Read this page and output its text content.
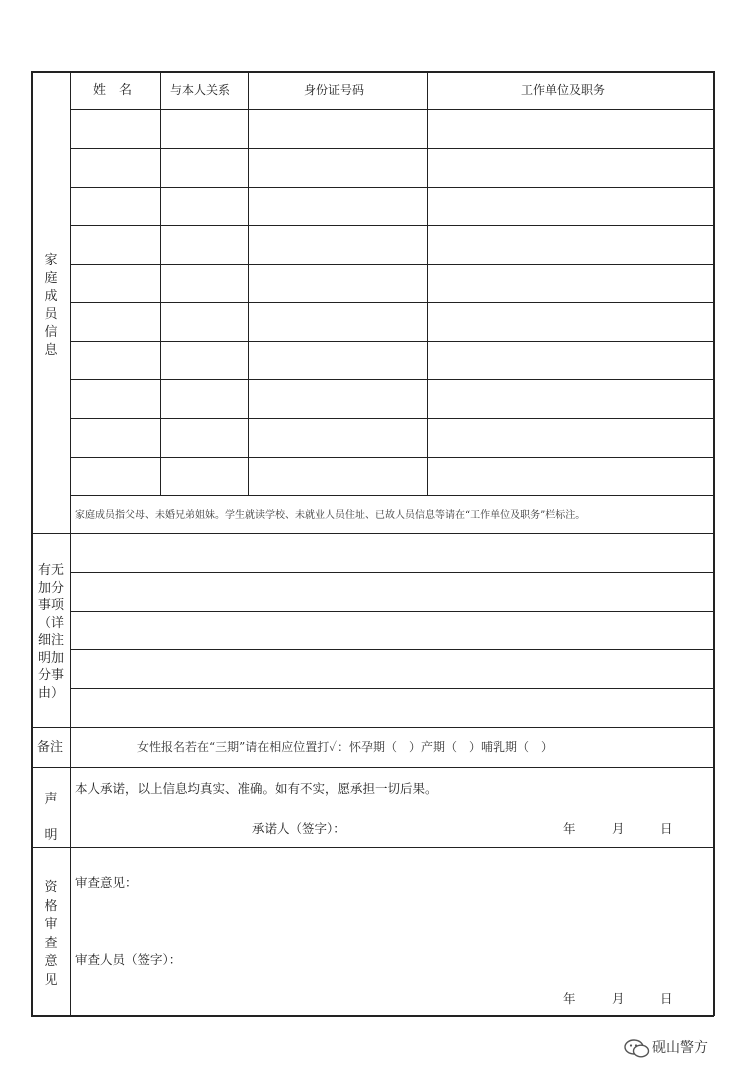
姓　名	与本人关系	身份证号码	工作单位及职务
家庭成员信息
家庭成员指父母、未婚兄弟姐妹。学生就读学校、未就业人员住址、已故人员信息等请在“工作单位及职务”栏标注。
有无加分事项（详细注明加分事由）
备注	女性报名若在“三期”请在相应位置打✓：怀孕期（　）产期（　）哺乳期（　）
声明
本人承诺，以上信息均真实、准确。如有不实，愿承担一切后果。
承诺人（签字）：	年	月	日
资格审查意见
审查意见：
审查人员（签字）：
年	月	日
砚山警方
